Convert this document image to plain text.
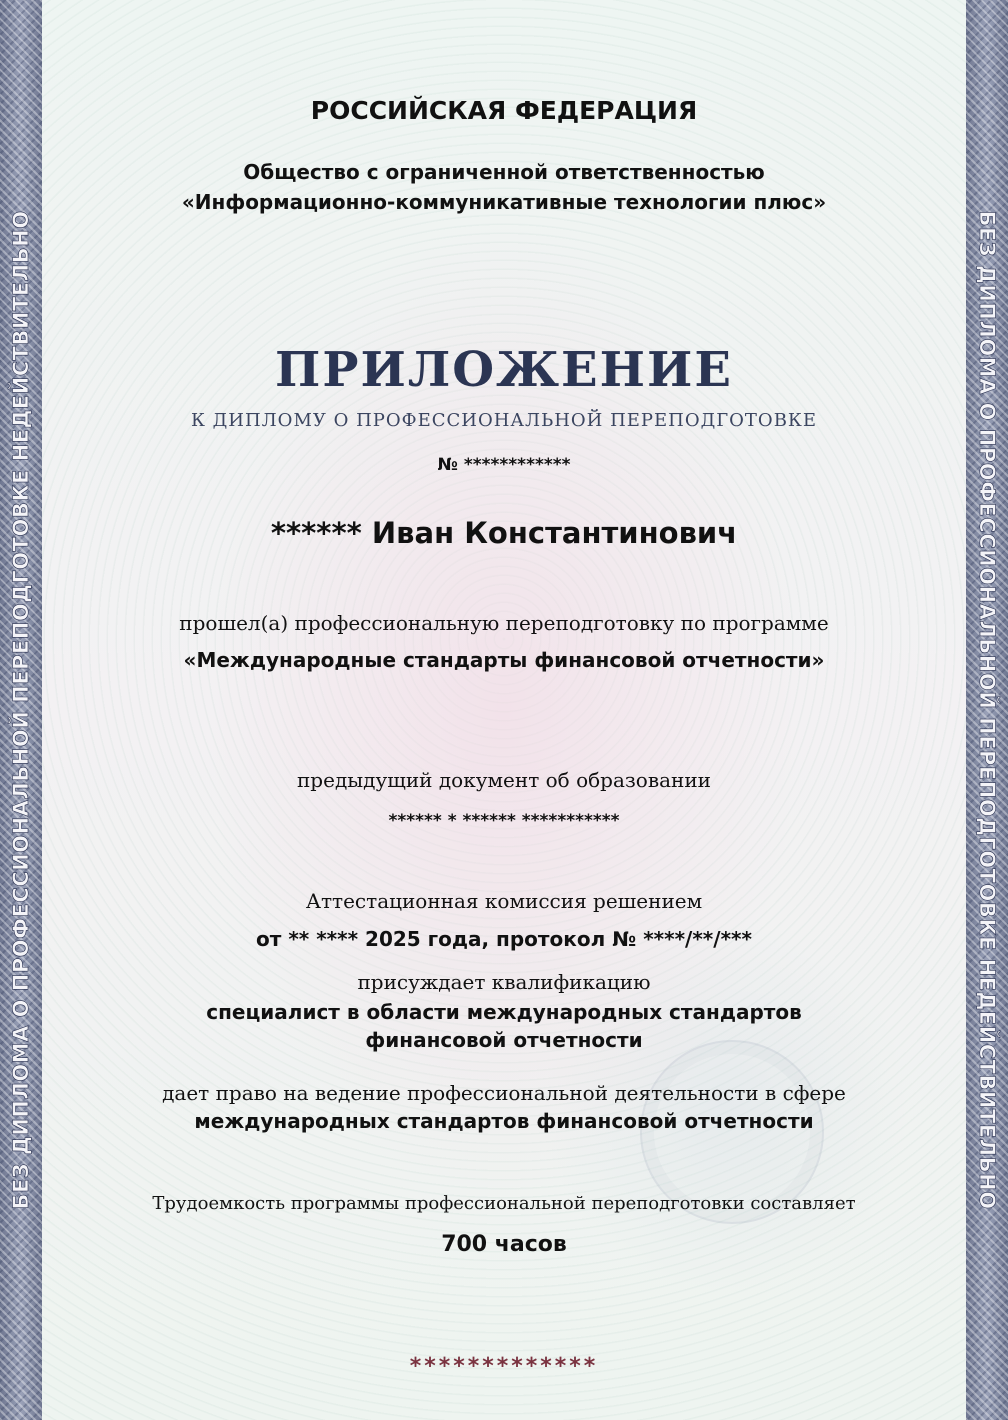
БЕЗ ДИПЛОМА О ПРОФЕССИОНАЛЬНОЙ ПЕРЕПОДГОТОВКЕ НЕДЕЙСТВИТЕЛЬНО	БЕЗ ДИПЛОМА О ПРОФЕССИОНАЛЬНОЙ ПЕРЕПОДГОТОВКЕ НЕДЕЙСТВИТЕЛЬНО
РОССИЙСКАЯ ФЕДЕРАЦИЯ
Общество с ограниченной ответственностью
«Информационно-коммуникативные технологии плюс»
ПРИЛОЖЕНИЕ
К ДИПЛОМУ О ПРОФЕССИОНАЛЬНОЙ ПЕРЕПОДГОТОВКЕ
№ ************
****** Иван Константинович
прошел(а) профессиональную переподготовку по программе
«Международные стандарты финансовой отчетности»
предыдущий документ об образовании
****** * ****** ***********
Аттестационная комиссия решением
от ** **** 2025 года, протокол № ****/**/***
присуждает квалификацию
специалист в области международных стандартов
финансовой отчетности
дает право на ведение профессиональной деятельности в сфере
международных стандартов финансовой отчетности
Трудоемкость программы профессиональной переподготовки составляет
700 часов
*************
